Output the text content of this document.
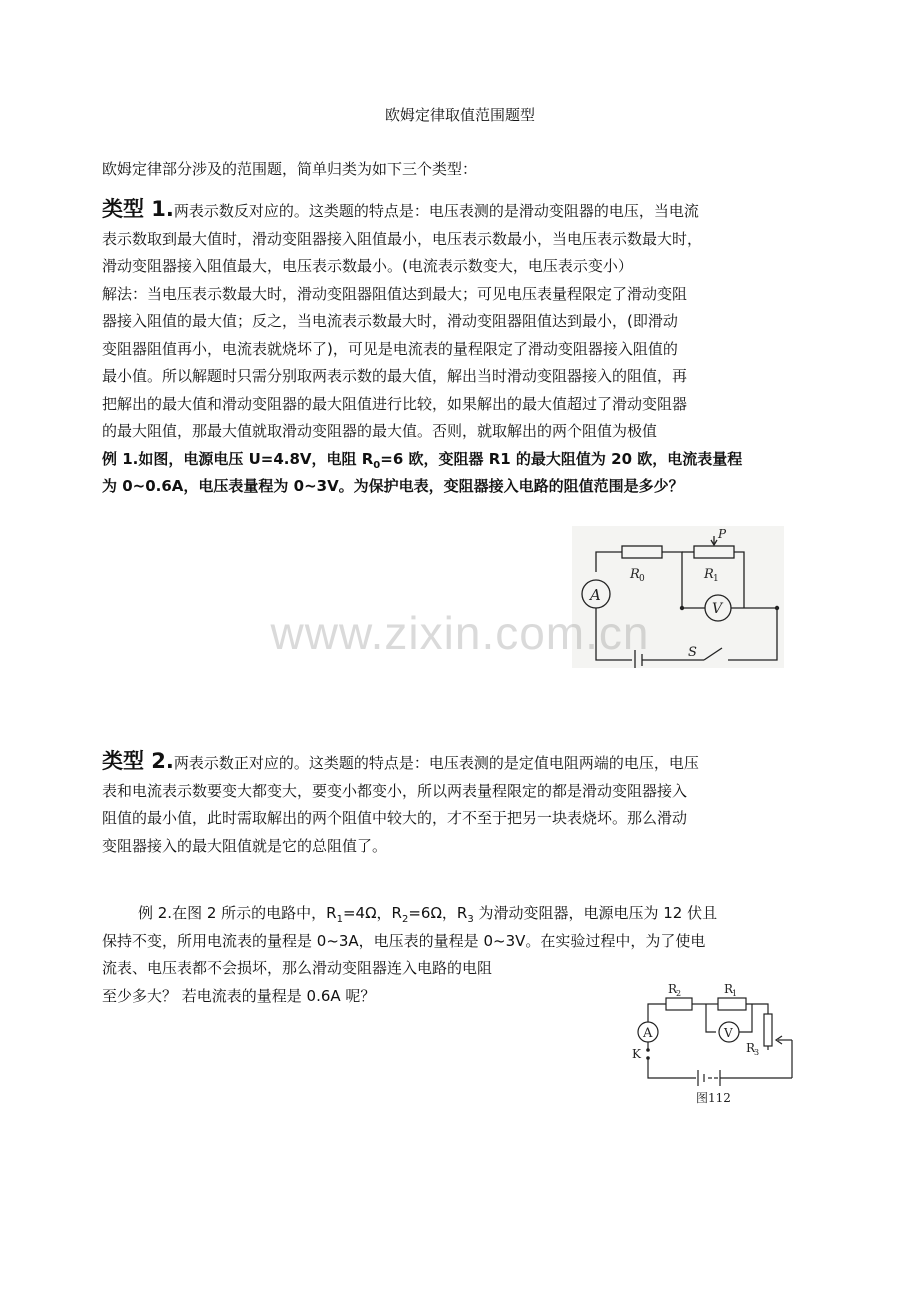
欧姆定律取值范围题型

欧姆定律部分涉及的范围题，简单归类为如下三个类型：

类型 1.两表示数反对应的。这类题的特点是：电压表测的是滑动变阻器的电压，当电流
表示数取到最大值时，滑动变阻器接入阻值最小，电压表示数最小，当电压表示数最大时，
滑动变阻器接入阻值最大，电压表示数最小。(电流表示数变大，电压表示变小）
解法：当电压表示数最大时，滑动变阻器阻值达到最大；可见电压表量程限定了滑动变阻
器接入阻值的最大值；反之，当电流表示数最大时，滑动变阻器阻值达到最小，(即滑动
变阻器阻值再小，电流表就烧坏了)，可见是电流表的量程限定了滑动变阻器接入阻值的
最小值。所以解题时只需分别取两表示数的最大值，解出当时滑动变阻器接入的阻值，再
把解出的最大值和滑动变阻器的最大阻值进行比较，如果解出的最大值超过了滑动变阻器
的最大阻值，那最大值就取滑动变阻器的最大值。否则，就取解出的两个阻值为极值
例 1.如图，电源电压 U=4.8V，电阻 $R_0=6$ 欧，变阻器 R1 的最大阻值为 20 欧，电流表量程
为 0~0.6A，电压表量程为 0~3V。为保护电表，变阻器接入电路的阻值范围是多少？

A
V
R 0	R 1
P
S
www.zixin.com.cn

类型 2.两表示数正对应的。这类题的特点是：电压表测的是定值电阻两端的电压，电压
表和电流表示数要变大都变大，要变小都变小，所以两表量程限定的都是滑动变阻器接入
阻值的最小值，此时需取解出的两个阻值中较大的，才不至于把另一块表烧坏。那么滑动
变阻器接入的最大阻值就是它的总阻值了。

例 2.在图 2 所示的电路中，$R_1=4\Omega$，$R_2=6\Omega$，$R_3$ 为滑动变阻器，电源电压为 12 伏且
保持不变，所用电流表的量程是 0~3A，电压表的量程是 0~3V。在实验过程中，为了使电
流表、电压表都不会损坏，那么滑动变阻器连入电路的电阻
至少多大？ 若电流表的量程是 0.6A 呢？

A	V
R
2	R
1
R
3
K
图112
